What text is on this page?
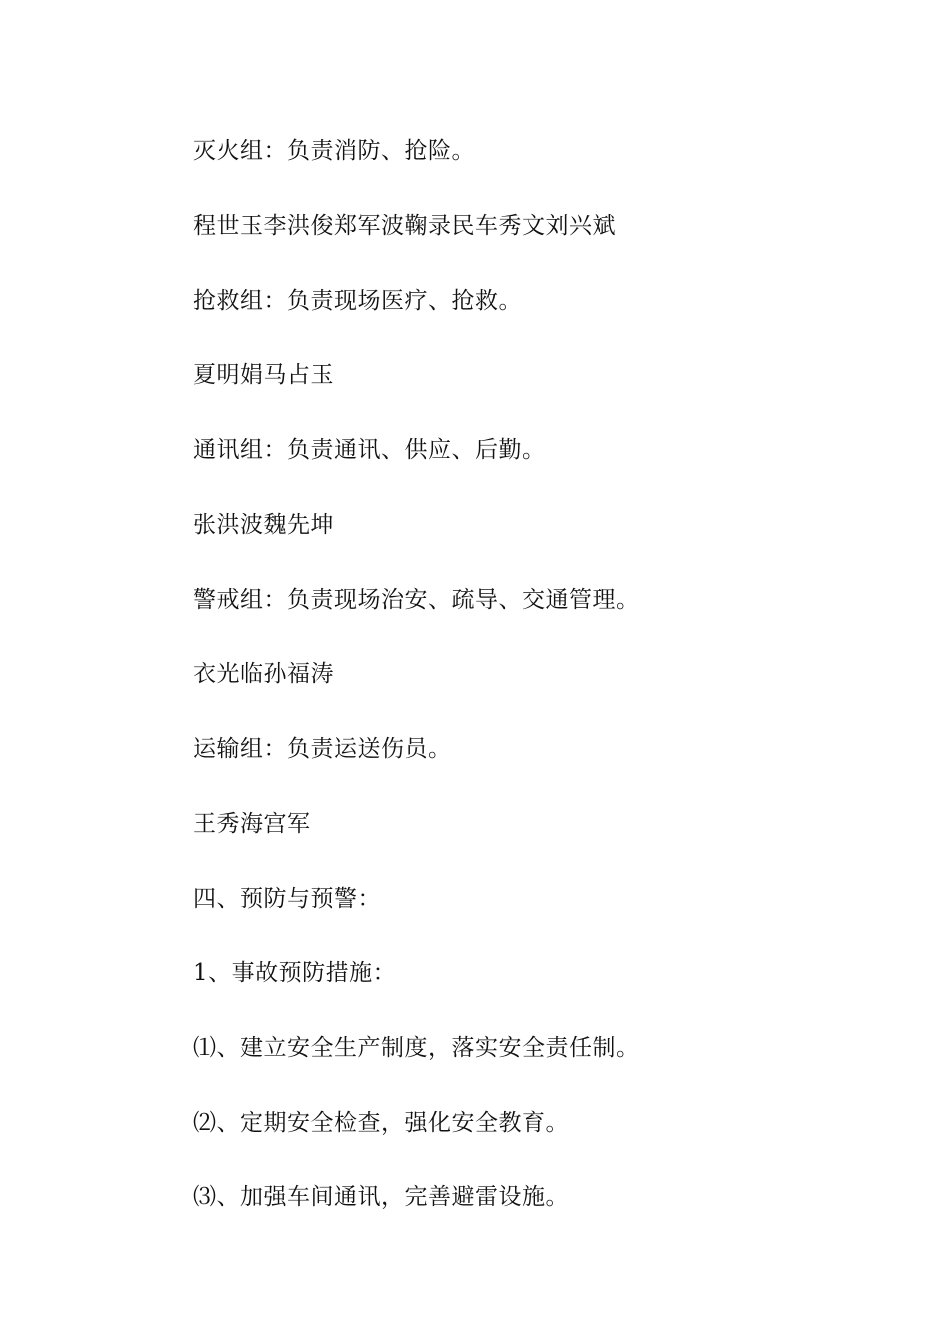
灭火组：负责消防、抢险。

程世玉李洪俊郑军波鞠录民车秀文刘兴斌

抢救组：负责现场医疗、抢救。

夏明娟马占玉

通讯组：负责通讯、供应、后勤。

张洪波魏先坤

警戒组：负责现场治安、疏导、交通管理。

衣光临孙福涛

运输组：负责运送伤员。

王秀海宫军

四、预防与预警：

1、事故预防措施：

⑴、建立安全生产制度，落实安全责任制。

⑵、定期安全检查，强化安全教育。

⑶、加强车间通讯，完善避雷设施。
